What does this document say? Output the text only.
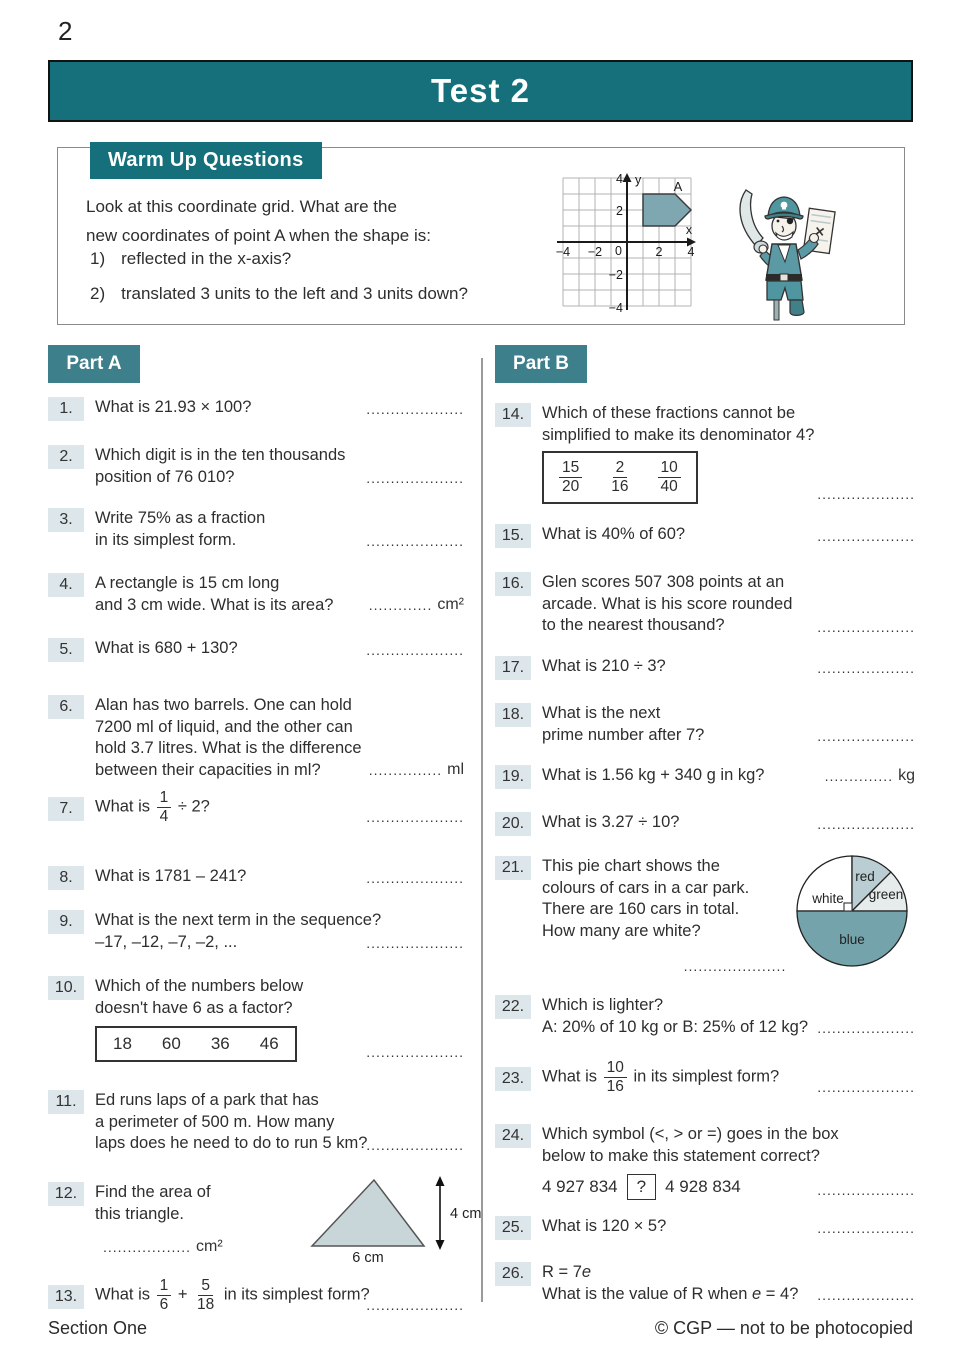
2
Test 2
Warm Up Questions
Look at this coordinate grid. What are the
new coordinates of point A when the shape is:
1) reflected in the x-axis?
2) translated 3 units to the left and 3 units down?
4
2
−2
−4
0
−4 −2	2 4
y
x
A
Part A	Part B
1.	What is 21.93 × 100?	....................
2.	Which digit is in the ten thousands
position of 76 010?	....................
3.	Write 75% as a fraction
in its simplest form.	....................
4.	A rectangle is 15 cm long
and 3 cm wide. What is its area?	............. cm²
5.	What is 680 + 130?	....................
6.	Alan has two barrels. One can hold
7200 ml of liquid, and the other can
hold 3.7 litres. What is the difference
between their capacities in ml?	............... ml
7.	What is $\frac{1}{4} \div 2$?
....................
8.	What is 1781 – 241?	....................
9.	What is the next term in the sequence?
–17, –12, –7, –2, ...	....................
10.	Which of the numbers below
doesn't have 6 as a factor?
18 60 36 46	....................
11.	Ed runs laps of a park that has
a perimeter of 500 m. How many
laps does he need to do to run 5 km?
....................
12.	Find the area of
this triangle.	4 cm
6 cm
.................. cm²
13.	What is $\frac{1}{6} + \frac{5}{18}$ in its simplest form?
....................
14.	Which of these fractions cannot be
simplified to make its denominator 4?
$\frac{15}{20} \frac{2}{16} \frac{10}{40}$	....................
15.	What is 40% of 60?	....................
16.	Glen scores 507 308 points at an
arcade. What is his score rounded
to the nearest thousand?	....................
17.	What is 210 ÷ 3?	....................
18.	What is the next
prime number after 7?	....................
19.	What is 1.56 kg + 340 g in kg?	.............. kg
20.	What is 3.27 ÷ 10?	....................
21.	This pie chart shows the
colours of cars in a car park.
There are 160 cars in total.
How many are white?
white
red
green
blue
.....................
22.	Which is lighter?
A: 20% of 10 kg or B: 25% of 12 kg? ....................
23.	What is $\frac{10}{16}$ in its simplest form?
....................
24.	Which symbol (<, > or =) goes in the box
below to make this statement correct?
4 927 834	?	4 928 834	....................
25.	What is 120 × 5?	....................
26.	R = 7e
What is the value of R when e = 4?	....................
Section One	© CGP — not to be photocopied
